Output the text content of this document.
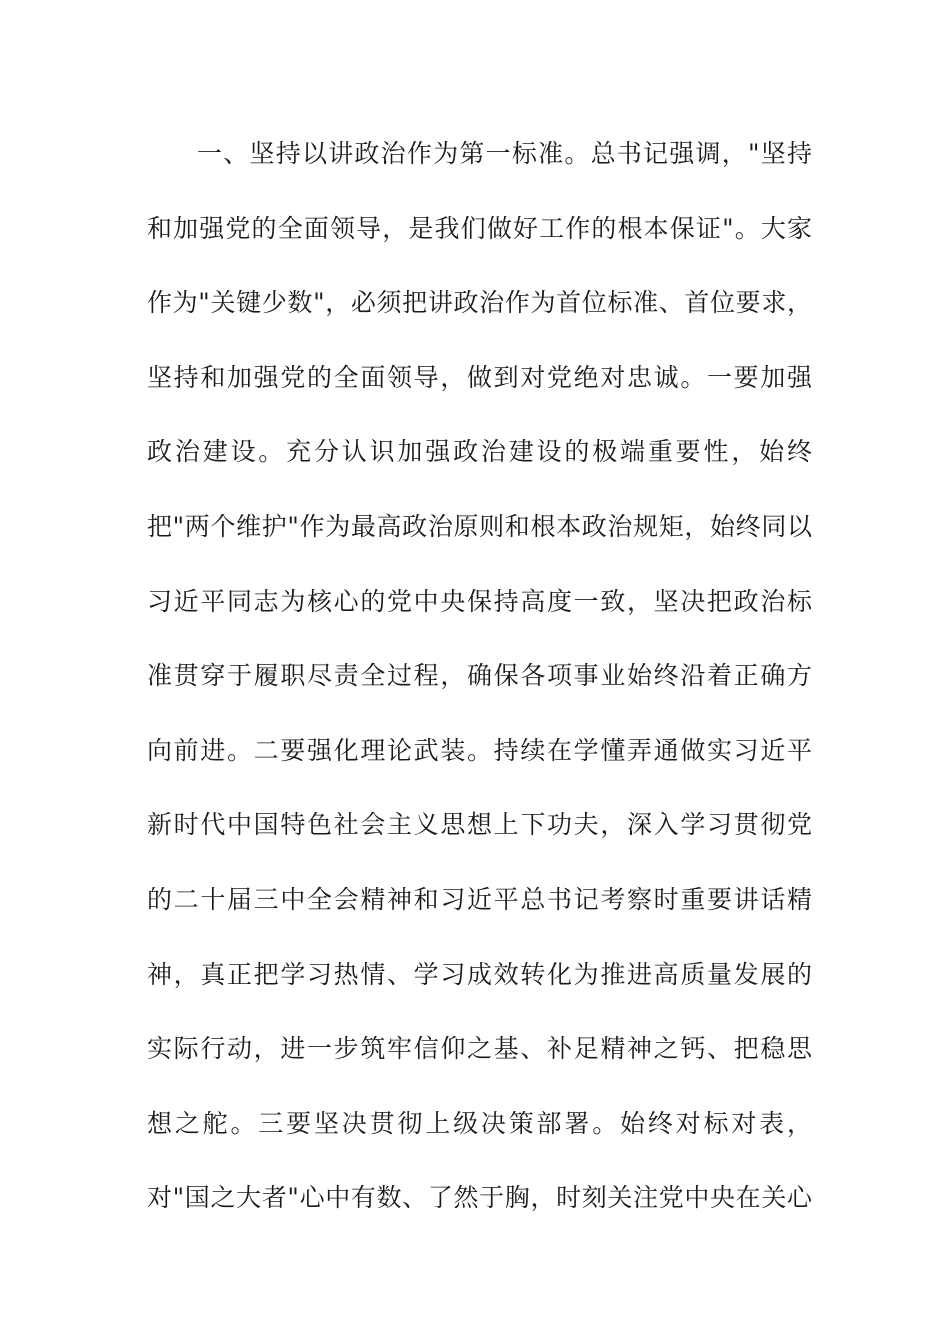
一、坚持以讲政治作为第一标准。总书记强调，"坚持
和加强党的全面领导，是我们做好工作的根本保证"。大家
作为"关键少数"，必须把讲政治作为首位标准、首位要求，
坚持和加强党的全面领导，做到对党绝对忠诚。一要加强
政治建设。充分认识加强政治建设的极端重要性，始终
把"两个维护"作为最高政治原则和根本政治规矩，始终同以
习近平同志为核心的党中央保持高度一致，坚决把政治标
准贯穿于履职尽责全过程，确保各项事业始终沿着正确方
向前进。二要强化理论武装。持续在学懂弄通做实习近平
新时代中国特色社会主义思想上下功夫，深入学习贯彻党
的二十届三中全会精神和习近平总书记考察时重要讲话精
神，真正把学习热情、学习成效转化为推进高质量发展的
实际行动，进一步筑牢信仰之基、补足精神之钙、把稳思
想之舵。三要坚决贯彻上级决策部署。始终对标对表，
对"国之大者"心中有数、了然于胸，时刻关注党中央在关心
